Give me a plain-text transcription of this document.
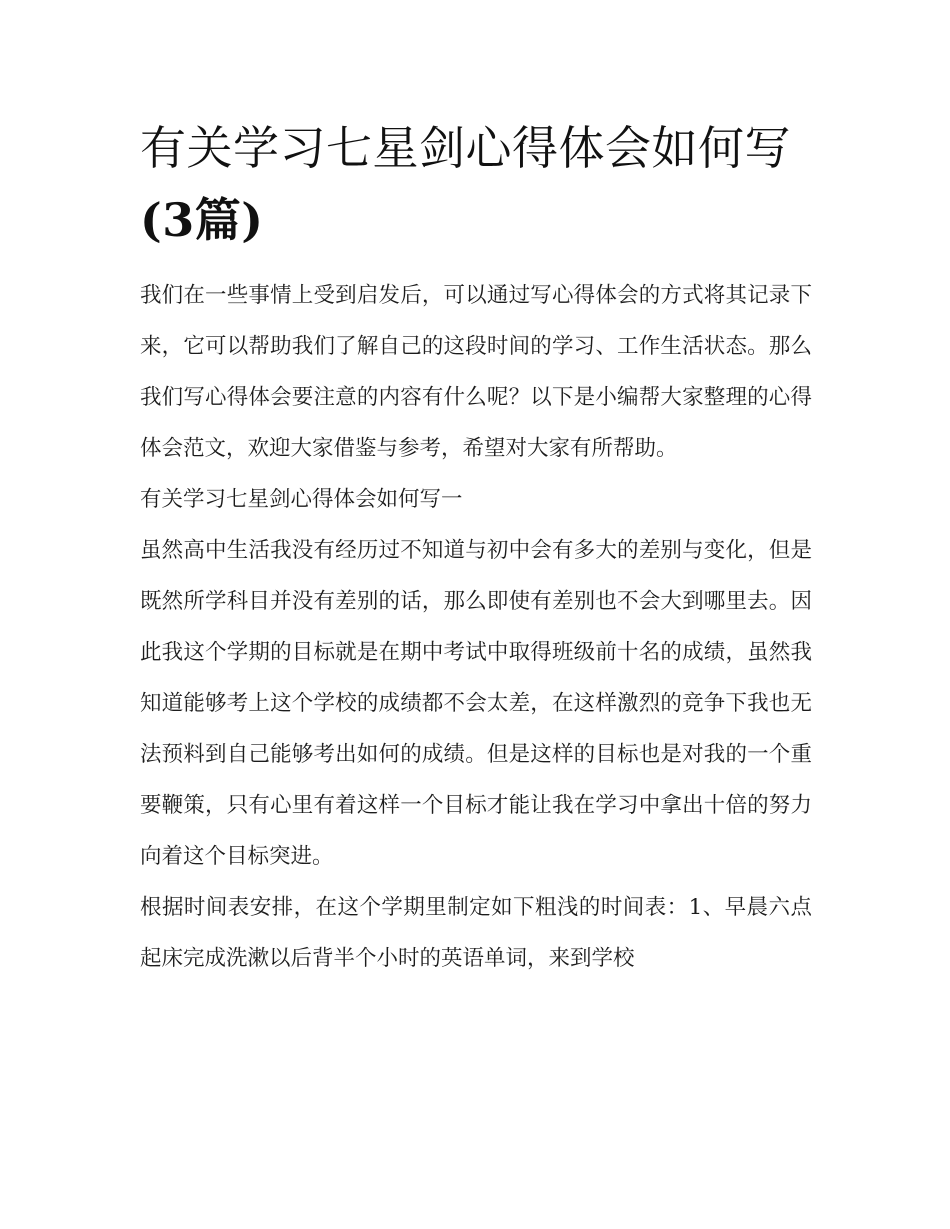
有关学习七星剑心得体会如何写(3篇)

我们在一些事情上受到启发后，可以通过写心得体会的方式将其记录下来，它可以帮助我们了解自己的这段时间的学习、工作生活状态。那么我们写心得体会要注意的内容有什么呢？以下是小编帮大家整理的心得体会范文，欢迎大家借鉴与参考，希望对大家有所帮助。

有关学习七星剑心得体会如何写一

虽然高中生活我没有经历过不知道与初中会有多大的差别与变化，但是既然所学科目并没有差别的话，那么即使有差别也不会大到哪里去。因此我这个学期的目标就是在期中考试中取得班级前十名的成绩，虽然我知道能够考上这个学校的成绩都不会太差，在这样激烈的竞争下我也无法预料到自己能够考出如何的成绩。但是这样的目标也是对我的一个重要鞭策，只有心里有着这样一个目标才能让我在学习中拿出十倍的努力向着这个目标突进。

根据时间表安排，在这个学期里制定如下粗浅的时间表：1、早晨六点起床完成洗漱以后背半个小时的英语单词，来到学校
